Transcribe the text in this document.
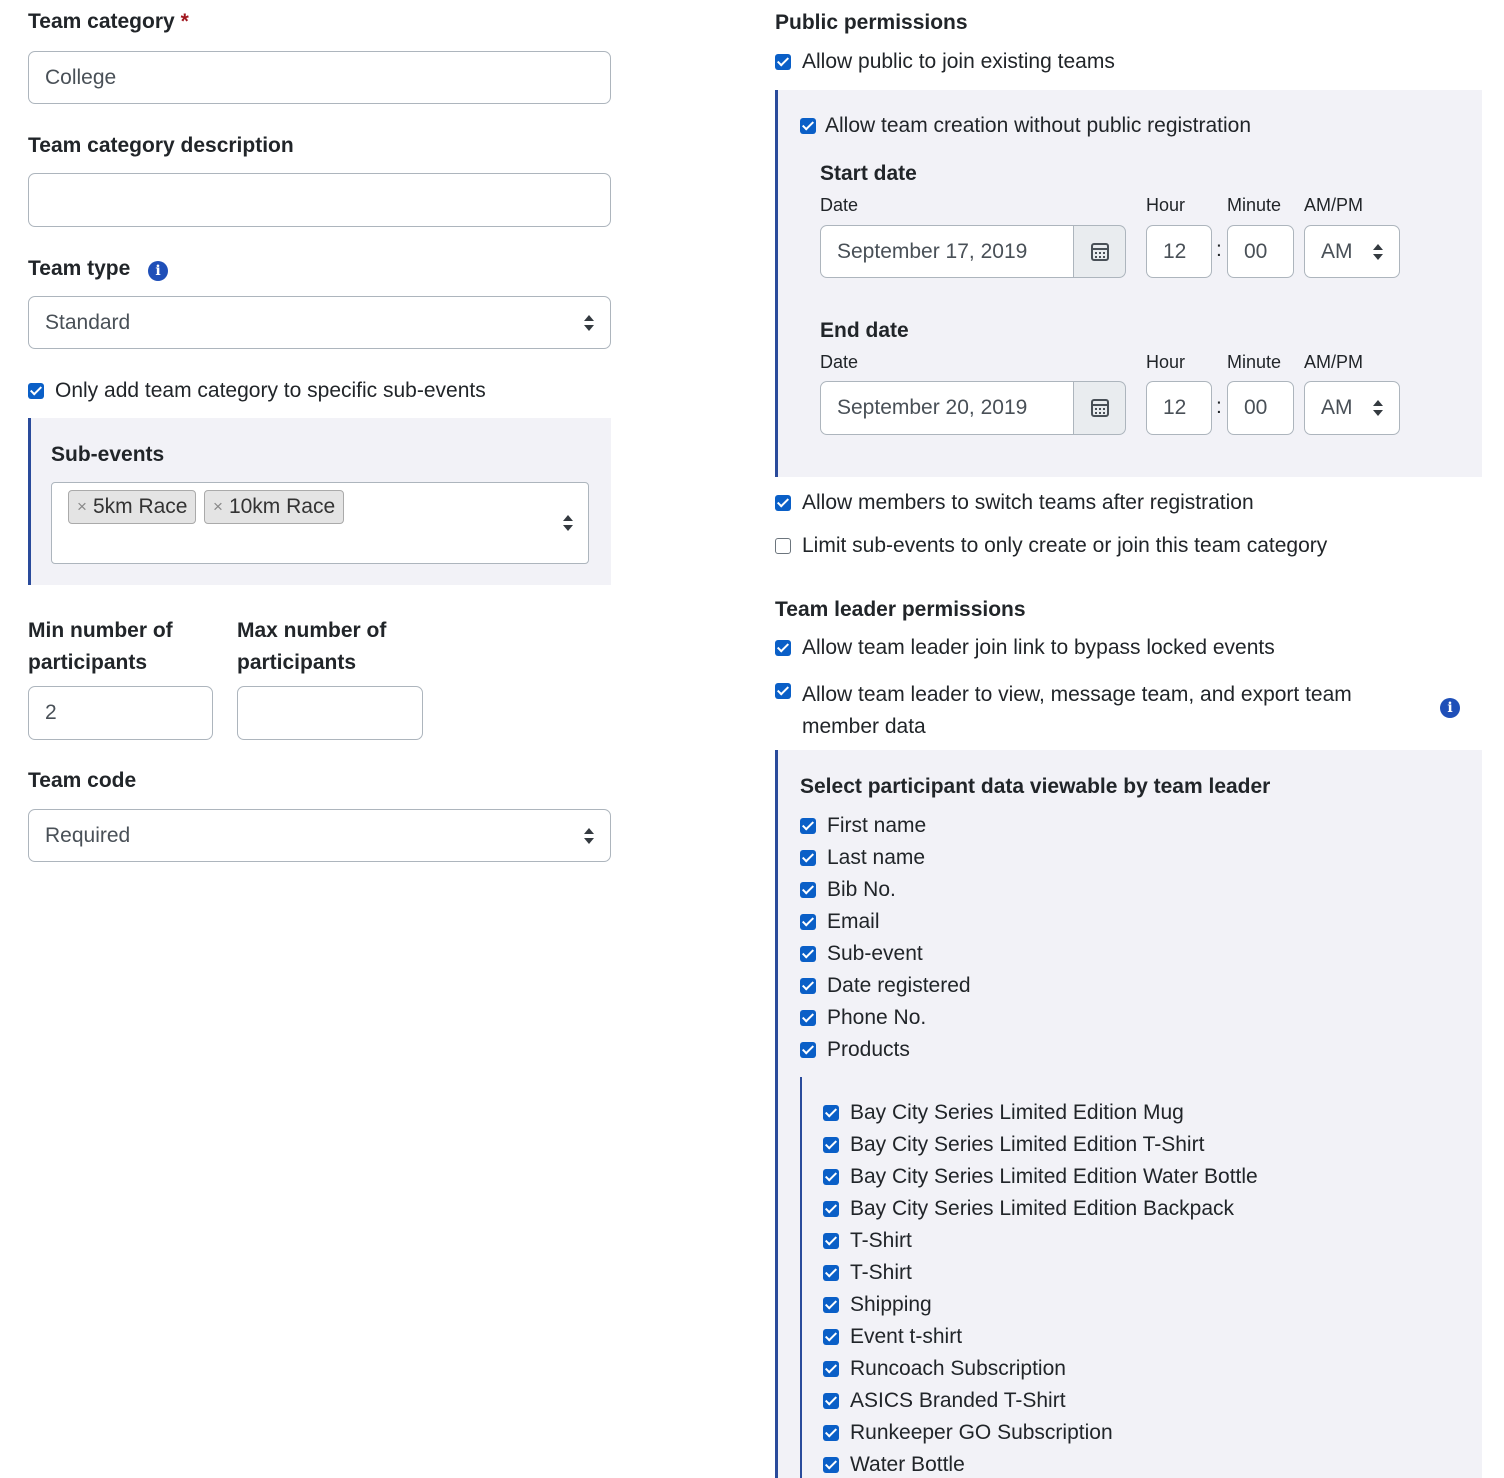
Team category *
College
Team category description
Team type	i
Standard
Only add team category to specific sub-events
Sub-events
× 5km Race × 10km Race
Min number of
participants
Max number of
participants
2
Team code
Required
Public permissions
Allow public to join existing teams
Allow team creation without public registration
Start date
Date	Hour Minute AM/PM
September 17, 2019	12 : 00	AM
End date
Date	Hour Minute AM/PM
September 20, 2019	12 : 00	AM
Allow members to switch teams after registration
Limit sub-events to only create or join this team category
Team leader permissions
Allow team leader join link to bypass locked events
Allow team leader to view, message team, and export team
member data
i
Select participant data viewable by team leader
First name
Last name
Bib No.
Email
Sub-event
Date registered
Phone No.
Products
Bay City Series Limited Edition Mug
Bay City Series Limited Edition T-Shirt
Bay City Series Limited Edition Water Bottle
Bay City Series Limited Edition Backpack
T-Shirt
T-Shirt
Shipping
Event t-shirt
Runcoach Subscription
ASICS Branded T-Shirt
Runkeeper GO Subscription
Water Bottle
